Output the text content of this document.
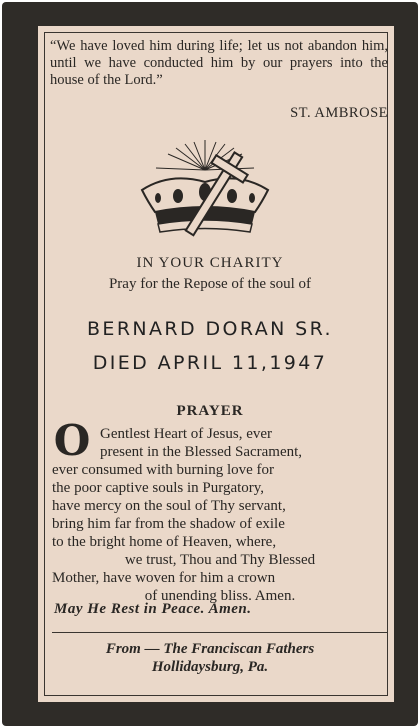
“We have loved him during life; let us not abandon him, until we have conducted him by our prayers into the house of the Lord.”
ST. AMBROSE
IN YOUR CHARITY
Pray for the Repose of the soul of
BERNARD DORAN SR.
DIED APRIL 11,1947
PRAYER
O Gentlest Heart of Jesus, ever
present in the Blessed Sacrament,
ever consumed with burning love for
the poor captive souls in Purgatory,
have mercy on the soul of Thy servant,
bring him far from the shadow of exile
to the bright home of Heaven, where,
we trust, Thou and Thy Blessed
Mother, have woven for him a crown
of unending bliss. Amen.
May He Rest in Peace. Amen.
From — The Franciscan Fathers
Hollidaysburg, Pa.
